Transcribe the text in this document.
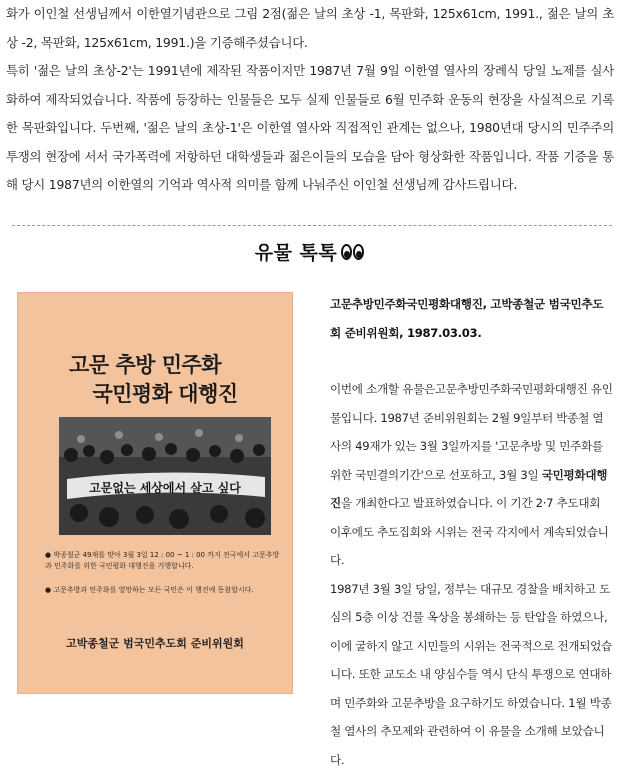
화가 이인철 선생님께서 이한열기념관으로 그림 2점(젊은 날의 초상 -1, 목판화, 125x61cm, 1991., 젊은 날의 초상 -2, 목판화, 125x61cm, 1991.)을 기증해주셨습니다.

특히 '젊은 날의 초상-2'는 1991년에 제작된 작품이지만 1987년 7월 9일 이한열 열사의 장례식 당일 노제를 실사화하여 제작되었습니다. 작품에 등장하는 인물들은 모두 실제 인물들로 6월 민주화 운동의 현장을 사실적으로 기록한 목판화입니다. 두번째, '젊은 날의 초상-1'은 이한열 열사와 직접적인 관계는 없으나, 1980년대 당시의 민주주의 투쟁의 현장에 서서 국가폭력에 저항하던 대학생들과 젊은이들의 모습을 담아 형상화한 작품입니다. 작품 기증을 통해 당시 1987년의 이한열의 기억과 역사적 의미를 함께 나눠주신 이인철 선생님께 감사드립니다.

유물 톡톡
고문 추방 민주화
국민평화 대행진
고문없는 세상에서 살고 싶다
● 박종철군 49재를 맞아 3월 3일 12 : 00 ~ 1 : 00 까지 전국에서 고문추방과 민주화를 위한 국민평화 대행진을 거행합니다.
● 고문추방과 민주화를 열망하는 모든 국민은 이 행진에 동참합시다.
고박종철군 범국민추도회 준비위원회

고문추방민주화국민평화대행진, 고박종철군 범국민추도회 준비위원회, 1987.03.03.

이번에 소개할 유물은고문추방민주화국민평화대행진 유인물입니다. 1987년 준비위원회는 2월 9일부터 박종철 열사의 49재가 있는 3월 3일까지를 '고문추방 및 민주화를 위한 국민결의기간'으로 선포하고, 3월 3일 국민평화대행진을 개최한다고 발표하였습니다. 이 기간 2·7 추도대회 이후에도 추도집회와 시위는 전국 각지에서 계속되었습니다.

1987년 3월 3일 당일, 정부는 대규모 경찰을 배치하고 도심의 5층 이상 건물 옥상을 봉쇄하는 등 탄압을 하였으나, 이에 굴하지 않고 시민들의 시위는 전국적으로 전개되었습니다. 또한 교도소 내 양심수들 역시 단식 투쟁으로 연대하며 민주화와 고문추방을 요구하기도 하였습니다. 1월 박종철 열사의 추모제와 관련하여 이 유물을 소개해 보았습니다.
